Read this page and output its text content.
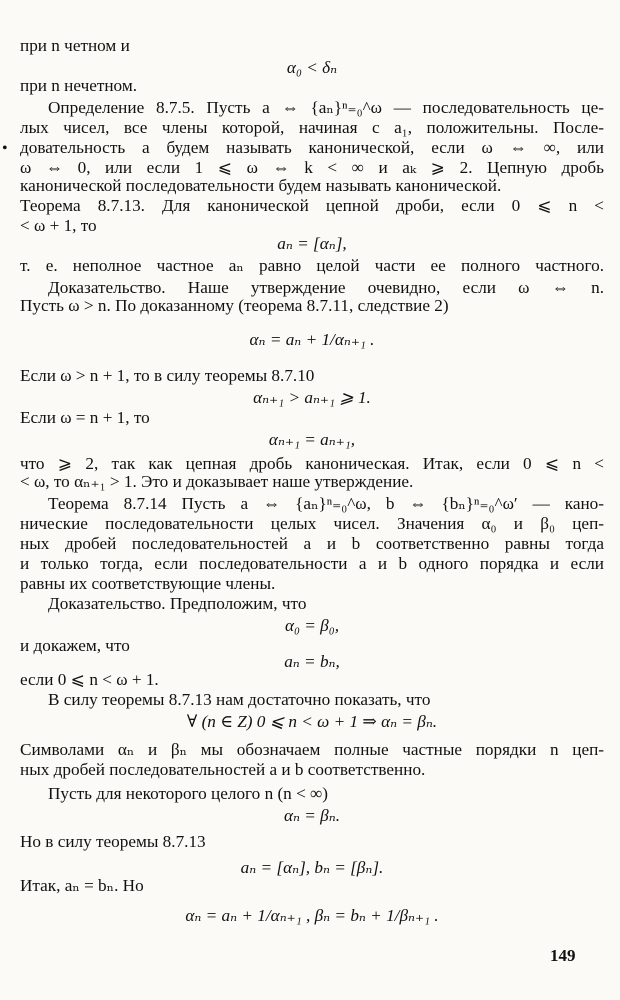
•
при n четном и
α₀ < δₙ
при n нечетном.
Определение 8.7.5. Пусть a ⇔ {aₙ}ⁿ₌₀^ω — последовательность це-
лых чисел, все члены которой, начиная с a₁, положительны. После-
довательность a будем называть канонической, если ω ⇔ ∞, или
ω ⇔ 0, или если 1 ⩽ ω ⇔ k < ∞ и aₖ ⩾ 2. Цепную дробь
канонической последовательности будем называть канонической.
Теорема 8.7.13. Для канонической цепной дроби, если 0 ⩽ n <
< ω + 1, то
aₙ = [αₙ],
т. е. неполное частное aₙ равно целой части ее полного частного.
Доказательство. Наше утверждение очевидно, если ω ⇔ n.
Пусть ω > n. По доказанному (теорема 8.7.11, следствие 2)
αₙ = aₙ + 1/αₙ₊₁ .
Если ω > n + 1, то в силу теоремы 8.7.10
αₙ₊₁ > aₙ₊₁ ⩾ 1.
Если ω = n + 1, то
αₙ₊₁ = aₙ₊₁,
что ⩾ 2, так как цепная дробь каноническая. Итак, если 0 ⩽ n <
< ω, то αₙ₊₁ > 1. Это и доказывает наше утверждение.
Теорема 8.7.14 Пусть a ⇔ {aₙ}ⁿ₌₀^ω, b ⇔ {bₙ}ⁿ₌₀^ω′ — кано-
нические последовательности целых чисел. Значения α₀ и β₀ цеп-
ных дробей последовательностей a и b соответственно равны тогда
и только тогда, если последовательности a и b одного порядка и если
равны их соответствующие члены.
Доказательство. Предположим, что
α₀ = β₀,
и докажем, что
aₙ = bₙ,
если 0 ⩽ n < ω + 1.
В силу теоремы 8.7.13 нам достаточно показать, что
∀ (n ∈ Z) 0 ⩽ n < ω + 1 ⇒ αₙ = βₙ.
Символами αₙ и βₙ мы обозначаем полные частные порядки n цеп-
ных дробей последовательностей a и b соответственно.
Пусть для некоторого целого n (n < ∞)
αₙ = βₙ.
Но в силу теоремы 8.7.13
aₙ = [αₙ], bₙ = [βₙ].
Итак, aₙ = bₙ. Но
αₙ = aₙ + 1/αₙ₊₁ , βₙ = bₙ + 1/βₙ₊₁ .
149
